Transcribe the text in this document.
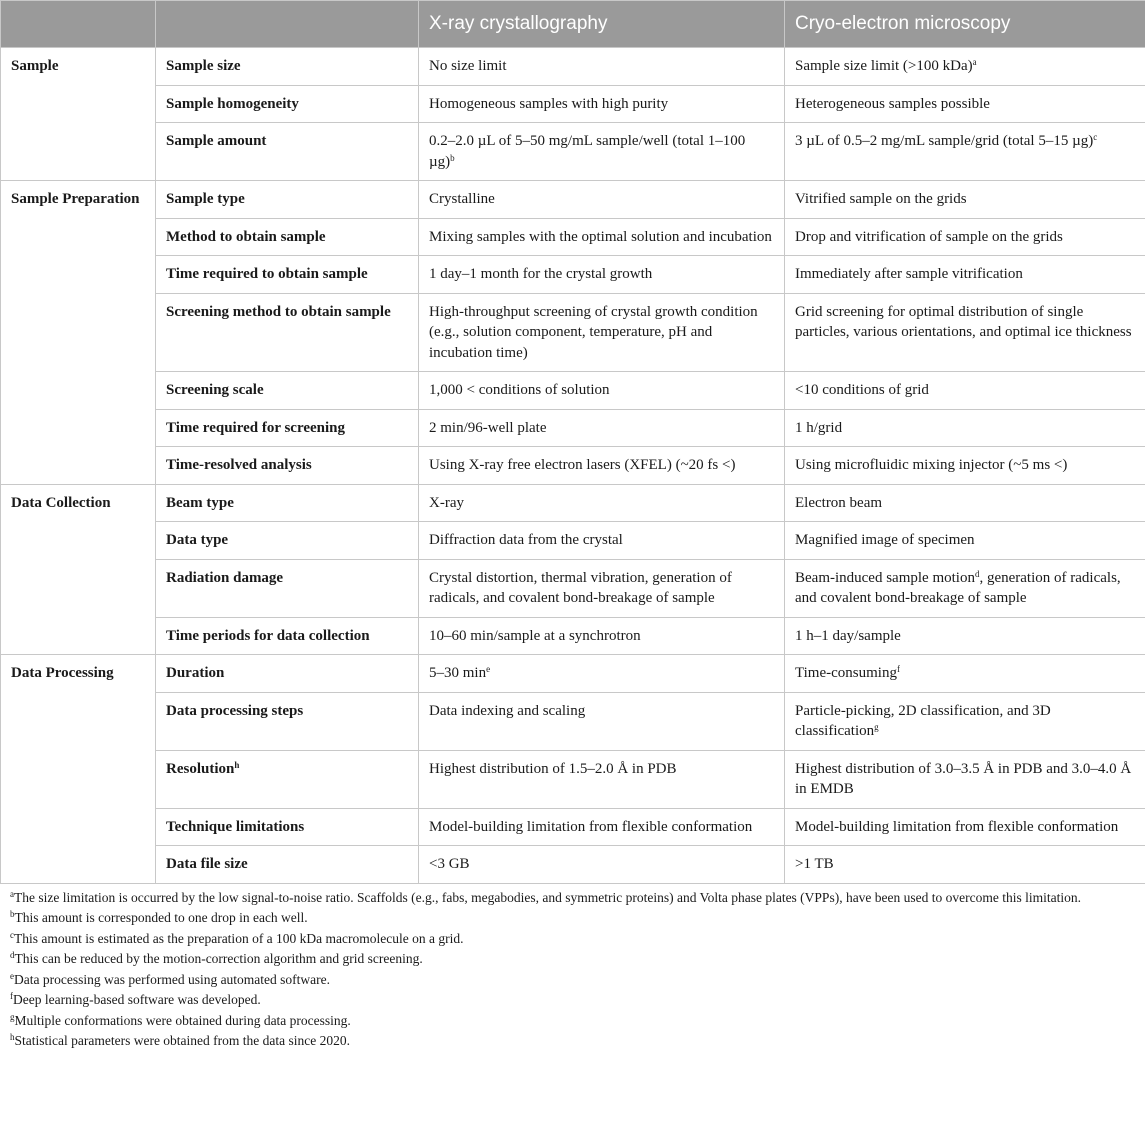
		X-ray crystallography	Cryo-electron microscopy
Sample	Sample size	No size limit	Sample size limit (>100 kDa)$^a$
	Sample homogeneity	Homogeneous samples with high purity	Heterogeneous samples possible
	Sample amount	0.2–2.0 µL of 5–50 mg/mL sample/well (total 1–100 µg)$^b$	3 µL of 0.5–2 mg/mL sample/grid (total 5–15 µg)$^c$
Sample Preparation	Sample type	Crystalline	Vitrified sample on the grids
	Method to obtain sample	Mixing samples with the optimal solution and incubation	Drop and vitrification of sample on the grids
	Time required to obtain sample	1 day–1 month for the crystal growth	Immediately after sample vitrification
	Screening method to obtain sample	High-throughput screening of crystal growth condition (e.g., solution component, temperature, pH and incubation time)	Grid screening for optimal distribution of single particles, various orientations, and optimal ice thickness
	Screening scale	1,000 < conditions of solution	<10 conditions of grid
	Time required for screening	2 min/96-well plate	1 h/grid
	Time-resolved analysis	Using X-ray free electron lasers (XFEL) (~20 fs <)	Using microfluidic mixing injector (~5 ms <)
Data Collection	Beam type	X-ray	Electron beam
	Data type	Diffraction data from the crystal	Magnified image of specimen
	Radiation damage	Crystal distortion, thermal vibration, generation of radicals, and covalent bond-breakage of sample	Beam-induced sample motion$^d$, generation of radicals, and covalent bond-breakage of sample
	Time periods for data collection	10–60 min/sample at a synchrotron	1 h–1 day/sample
Data Processing	Duration	5–30 $\min^e$	Time-consuming$^f$
	Data processing steps	Data indexing and scaling	Particle-picking, 2D classification, and 3D classification$^g$
	Resolution$^h$	Highest distribution of 1.5–2.0 Å in PDB	Highest distribution of 3.0–3.5 Å in PDB and 3.0–4.0 Å in EMDB
	Technique limitations	Model-building limitation from flexible conformation	Model-building limitation from flexible conformation
	Data file size	<3 GB	>1 TB

$^a$The size limitation is occurred by the low signal-to-noise ratio. Scaffolds (e.g., fabs, megabodies, and symmetric proteins) and Volta phase plates (VPPs), have been used to overcome this limitation.

$^b$This amount is corresponded to one drop in each well.

$^c$This amount is estimated as the preparation of a 100 kDa macromolecule on a grid.

$^d$This can be reduced by the motion-correction algorithm and grid screening.

$^e$Data processing was performed using automated software.

$^f$Deep learning-based software was developed.

$^g$Multiple conformations were obtained during data processing.

$^h$Statistical parameters were obtained from the data since 2020.
